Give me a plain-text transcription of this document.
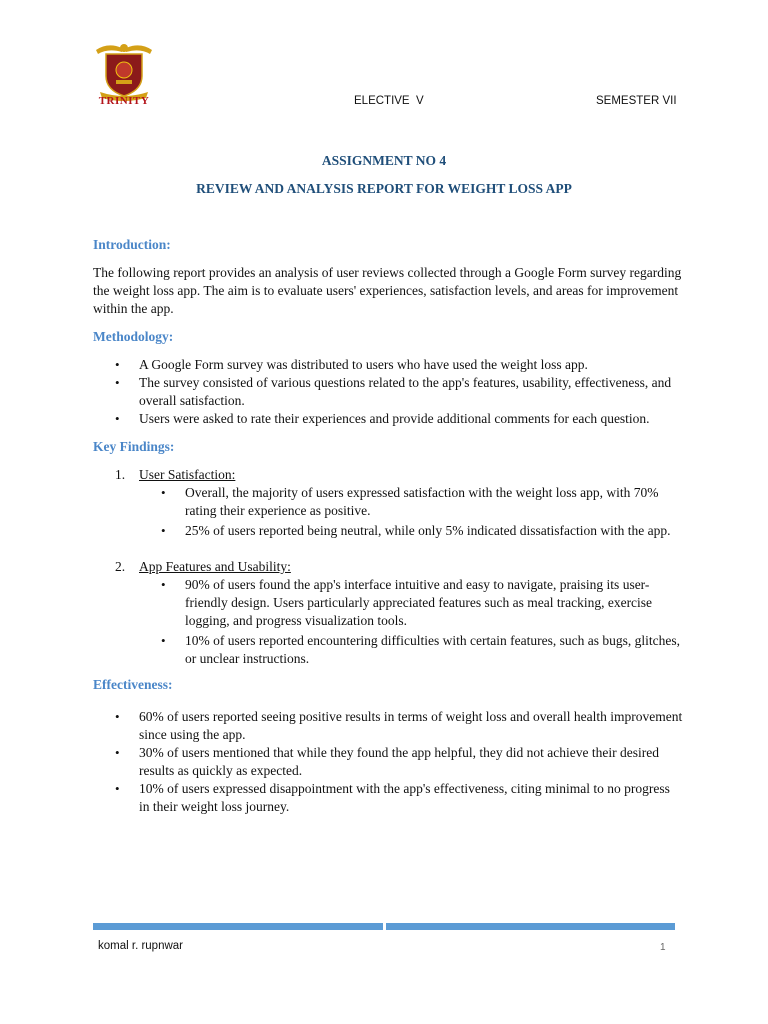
TRINITY	ELECTIVE  V	SEMESTER VII
ASSIGNMENT NO 4
REVIEW AND ANALYSIS REPORT FOR WEIGHT LOSS APP
Introduction:

The following report provides an analysis of user reviews collected through a Google Form survey regarding the weight loss app. The aim is to evaluate users' experiences, satisfaction levels, and areas for improvement within the app.

Methodology:
• A Google Form survey was distributed to users who have used the weight loss app.
• The survey consisted of various questions related to the app's features, usability, effectiveness, and overall satisfaction.
• Users were asked to rate their experiences and provide additional comments for each question.
Key Findings:
1. User Satisfaction:
• Overall, the majority of users expressed satisfaction with the weight loss app, with 70% rating their experience as positive.
• 25% of users reported being neutral, while only 5% indicated dissatisfaction with the app.
2. App Features and Usability:
• 90% of users found the app's interface intuitive and easy to navigate, praising its user-friendly design. Users particularly appreciated features such as meal tracking, exercise logging, and progress visualization tools.
• 10% of users reported encountering difficulties with certain features, such as bugs, glitches, or unclear instructions.
Effectiveness:
• 60% of users reported seeing positive results in terms of weight loss and overall health improvement since using the app.
• 30% of users mentioned that while they found the app helpful, they did not achieve their desired results as quickly as expected.
• 10% of users expressed disappointment with the app's effectiveness, citing minimal to no progress in their weight loss journey.
komal r. rupnwar	1
